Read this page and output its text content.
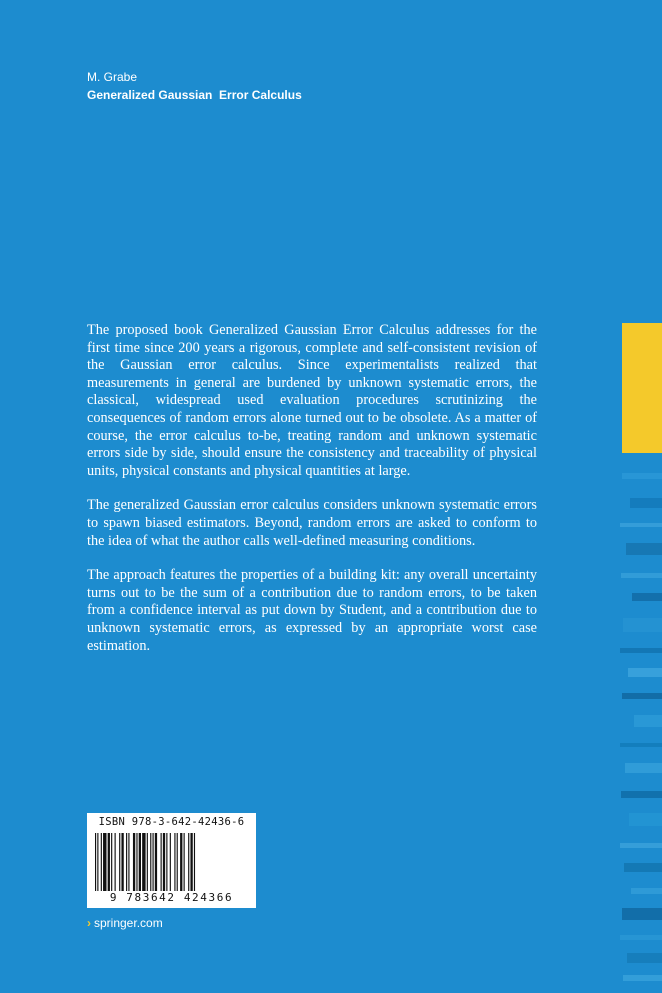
M. Grabe
Generalized Gaussian  Error Calculus

The proposed book Generalized Gaussian Error Calculus addresses for the first time since 200 years a rigorous, complete and self-consistent revision of the Gaussian error calculus. Since experimentalists realized that measurements in general are burdened by unknown systematic errors, the classical, widespread used evaluation procedures scrutinizing the consequences of random errors alone turned out to be obsolete. As a matter of course, the error calculus to-be, treating random and unknown systematic errors side by side, should ensure the consistency and traceability of physical units, physical constants and physical quantities at large.

The generalized Gaussian error calculus considers unknown systematic errors to spawn biased estimators. Beyond, random errors are asked to conform to the idea of what the author calls well-defined measuring conditions.

The approach features the properties of a building kit: any overall uncertainty turns out to be the sum of a contribution due to random errors, to be taken from a confidence interval as put down by Student, and a contribution due to unknown systematic errors, as expressed by an appropriate worst case estimation.

ISBN 978-3-642-42436-6
9 783642 424366
› springer.com
